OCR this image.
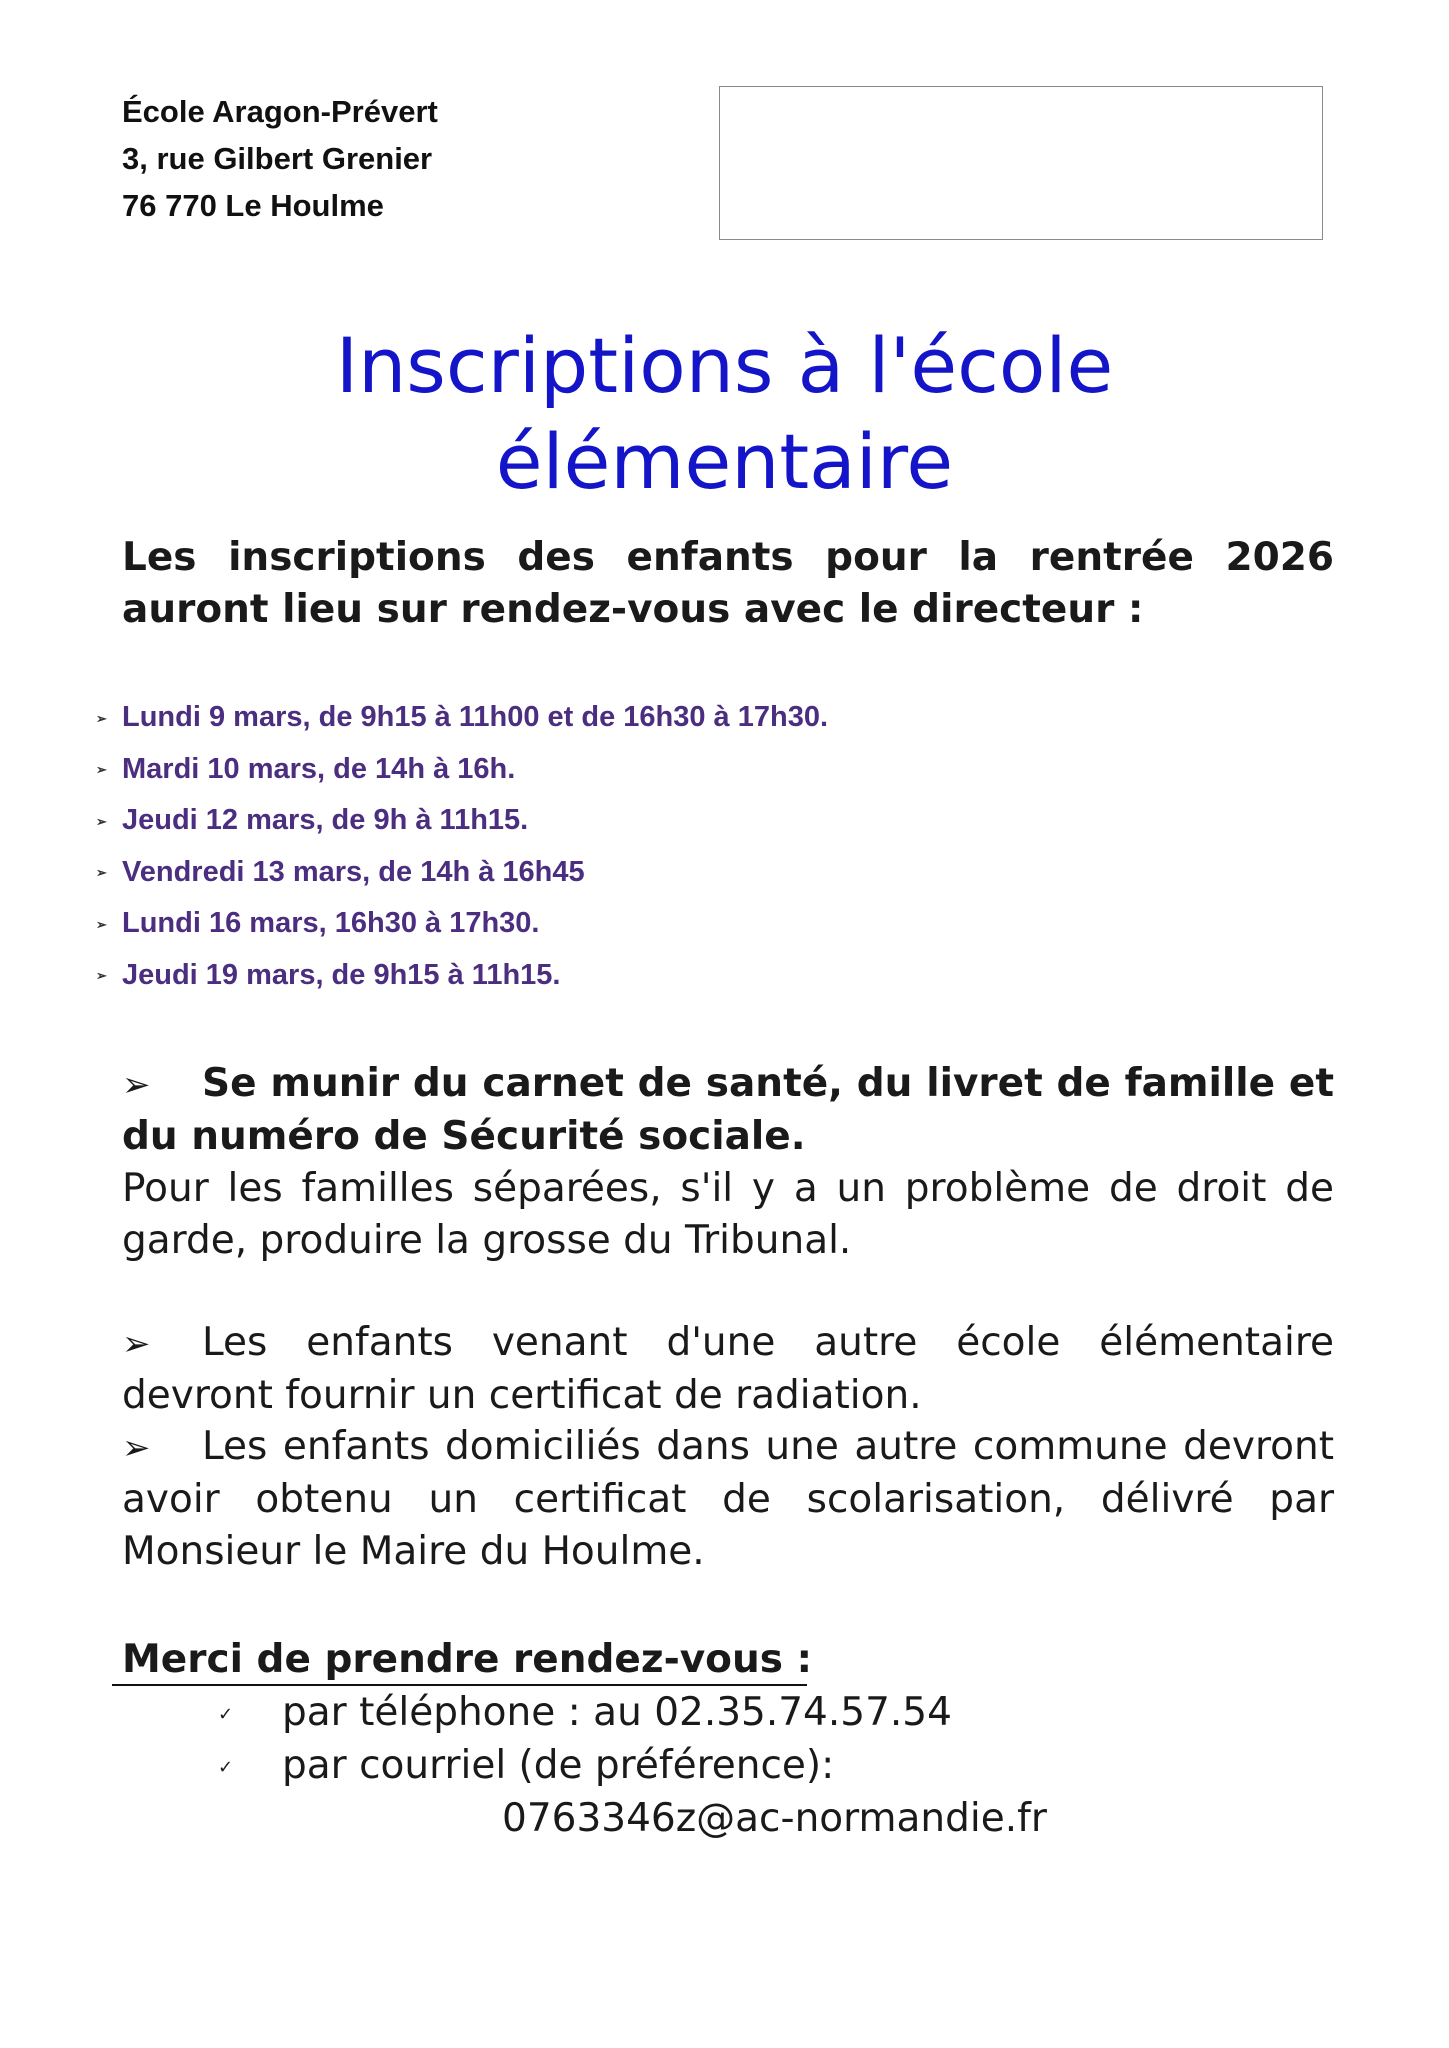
École Aragon-Prévert
3, rue Gilbert Grenier
76 770 Le Houlme
Inscriptions à l'école
élémentaire
Les inscriptions des enfants pour la rentrée 2026 auront lieu sur rendez-vous avec le directeur :
➢ Lundi 9 mars, de 9h15 à 11h00 et de 16h30 à 17h30.
➢ Mardi 10 mars, de 14h à 16h.
➢ Jeudi 12 mars, de 9h à 11h15.
➢ Vendredi 13 mars, de 14h à 16h45
➢ Lundi 16 mars, 16h30 à 17h30.
➢ Jeudi 19 mars, de 9h15 à 11h15.
➢ Se munir du carnet de santé, du livret de famille et du numéro de Sécurité sociale.
Pour les familles séparées, s'il y a un problème de droit de garde, produire la grosse du Tribunal.
➢ Les enfants venant d'une autre école élémentaire devront fournir un certificat de radiation.
➢ Les enfants domiciliés dans une autre commune devront avoir obtenu un certificat de scolarisation, délivré par Monsieur le Maire du Houlme.
Merci de prendre rendez-vous :
✓ par téléphone : au 02.35.74.57.54
✓ par courriel (de préférence):
0763346z@ac-normandie.fr
